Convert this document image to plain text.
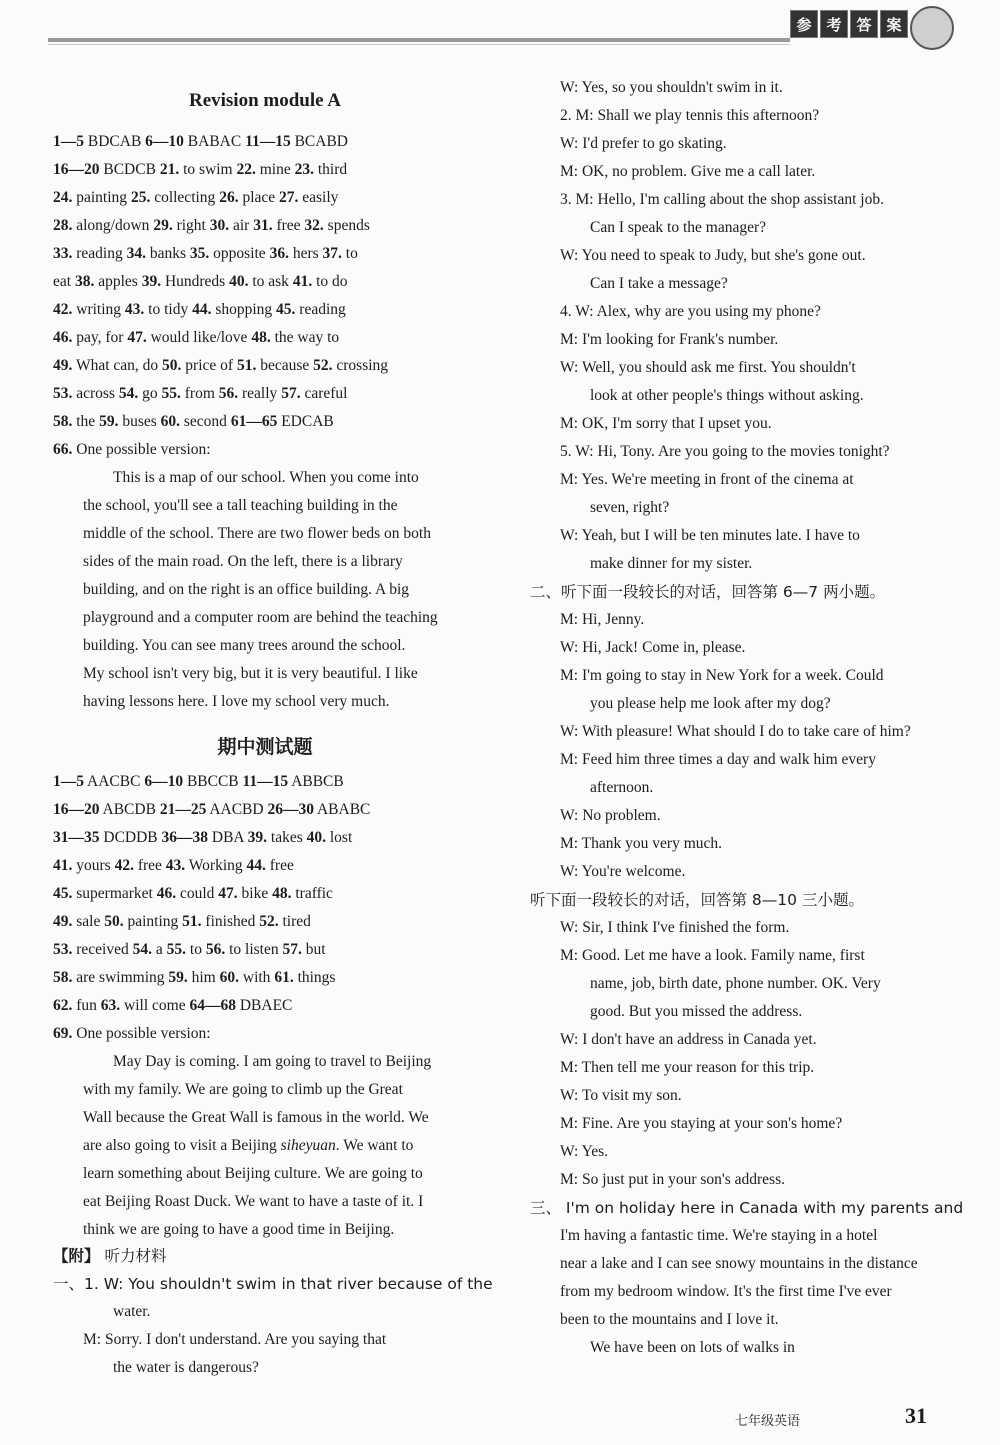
参 考 答 案
Revision module A
1—5 BDCAB 6—10 BABAC 11—15 BCABD
16—20 BCDCB 21. to swim 22. mine 23. third
24. painting 25. collecting 26. place 27. easily
28. along/down 29. right 30. air 31. free 32. spends
33. reading 34. banks 35. opposite 36. hers 37. to
eat 38. apples 39. Hundreds 40. to ask 41. to do
42. writing 43. to tidy 44. shopping 45. reading
46. pay, for 47. would like/love 48. the way to
49. What can, do 50. price of 51. because 52. crossing
53. across 54. go 55. from 56. really 57. careful
58. the 59. buses 60. second 61—65 EDCAB
66. One possible version:
This is a map of our school. When you come into
the school, you'll see a tall teaching building in the
middle of the school. There are two flower beds on both
sides of the main road. On the left, there is a library
building, and on the right is an office building. A big
playground and a computer room are behind the teaching
building. You can see many trees around the school.
My school isn't very big, but it is very beautiful. I like
having lessons here. I love my school very much.
期中测试题
1—5 AACBC 6—10 BBCCB 11—15 ABBCB
16—20 ABCDB 21—25 AACBD 26—30 ABABC
31—35 DCDDB 36—38 DBA 39. takes 40. lost
41. yours 42. free 43. Working 44. free
45. supermarket 46. could 47. bike 48. traffic
49. sale 50. painting 51. finished 52. tired
53. received 54. a 55. to 56. to listen 57. but
58. are swimming 59. him 60. with 61. things
62. fun 63. will come 64—68 DBAEC
69. One possible version:
May Day is coming. I am going to travel to Beijing
with my family. We are going to climb up the Great
Wall because the Great Wall is famous in the world. We
are also going to visit a Beijing siheyuan. We want to
learn something about Beijing culture. We are going to
eat Beijing Roast Duck. We want to have a taste of it. I
think we are going to have a good time in Beijing.
【附】 听力材料
一、1. W: You shouldn't swim in that river because of the
water.
M: Sorry. I don't understand. Are you saying that
the water is dangerous?
W: Yes, so you shouldn't swim in it.
2. M: Shall we play tennis this afternoon?
W: I'd prefer to go skating.
M: OK, no problem. Give me a call later.
3. M: Hello, I'm calling about the shop assistant job.
Can I speak to the manager?
W: You need to speak to Judy, but she's gone out.
Can I take a message?
4. W: Alex, why are you using my phone?
M: I'm looking for Frank's number.
W: Well, you should ask me first. You shouldn't
look at other people's things without asking.
M: OK, I'm sorry that I upset you.
5. W: Hi, Tony. Are you going to the movies tonight?
M: Yes. We're meeting in front of the cinema at
seven, right?
W: Yeah, but I will be ten minutes late. I have to
make dinner for my sister.
二、听下面一段较长的对话，回答第 6—7 两小题。
M: Hi, Jenny.
W: Hi, Jack! Come in, please.
M: I'm going to stay in New York for a week. Could
you please help me look after my dog?
W: With pleasure! What should I do to take care of him?
M: Feed him three times a day and walk him every
afternoon.
W: No problem.
M: Thank you very much.
W: You're welcome.
听下面一段较长的对话，回答第 8—10 三小题。
W: Sir, I think I've finished the form.
M: Good. Let me have a look. Family name, first
name, job, birth date, phone number. OK. Very
good. But you missed the address.
W: I don't have an address in Canada yet.
M: Then tell me your reason for this trip.
W: To visit my son.
M: Fine. Are you staying at your son's home?
W: Yes.
M: So just put in your son's address.
三、 I'm on holiday here in Canada with my parents and
I'm having a fantastic time. We're staying in a hotel
near a lake and I can see snowy mountains in the distance
from my bedroom window. It's the first time I've ever
been to the mountains and I love it.
We have been on lots of walks in
七年级英语	31
